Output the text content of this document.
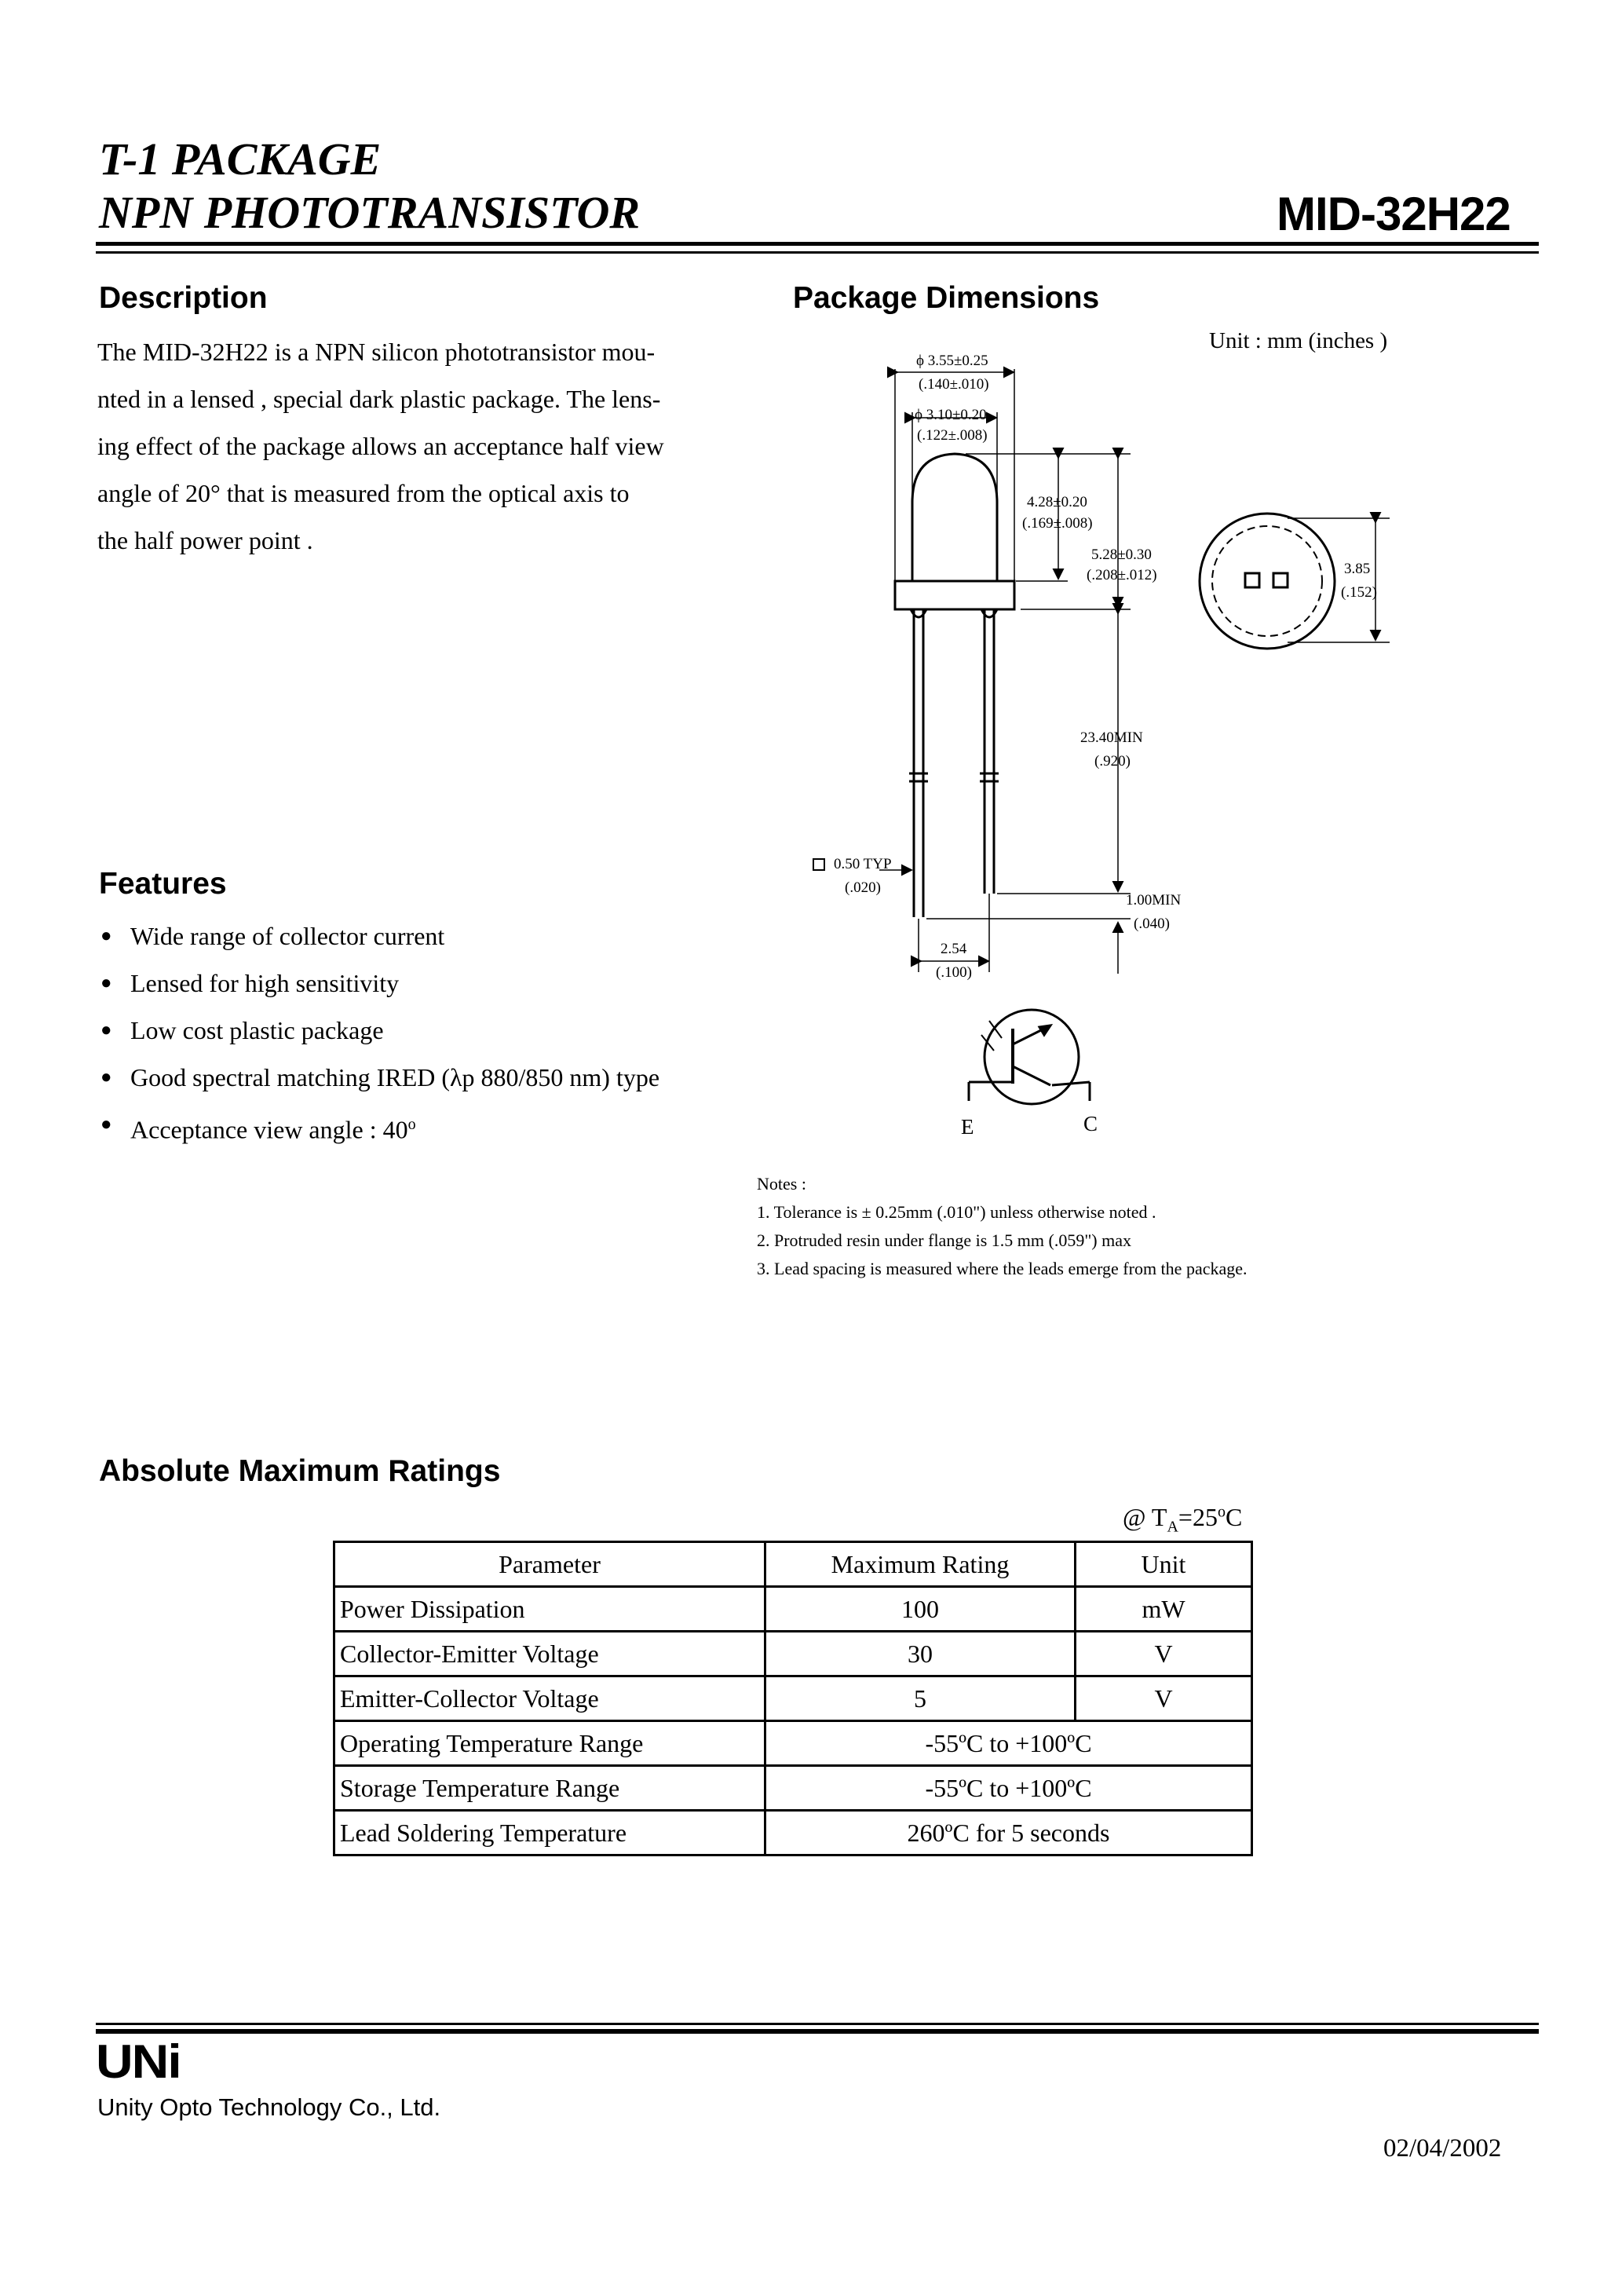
T-1 PACKAGE
NPN PHOTOTRANSISTOR	MID-32H22
Description

The MID-32H22 is a NPN silicon phototransistor mou-

nted in a lensed , special dark plastic package. The lens-

ing effect of the package allows an acceptance half view

angle of 20° that is measured from the optical axis to

the half power point .

Features
● Wide range of collector current
● Lensed for high sensitivity
● Low cost plastic package
● Good spectral matching IRED (λp 880/850 nm) type
● Acceptance view angle : 40$^o$
Package Dimensions
Unit : mm (inches )
ϕ 3.55±0.25
(.140±.010)
ϕ 3.10±0.20
(.122±.008)
4.28±0.20
(.169±.008)
5.28±0.30
(.208±.012)	3.85
(.152)
23.40MIN
(.920)
0.50 TYP
(.020)
1.00MIN
(.040)
2.54
(.100)
E	C
Notes :
1. Tolerance is ± 0.25mm (.010") unless otherwise noted .
2. Protruded resin under flange is 1.5 mm (.059") max
3. Lead spacing is measured where the leads emerge from the package.
Absolute Maximum Ratings
@ $T_A=25^oC$
Parameter	Maximum Rating	Unit
Power Dissipation	100	mW
Collector-Emitter Voltage	30	V
Emitter-Collector Voltage	5	V
Operating Temperature Range	-55ºC to +100ºC	
Storage Temperature Range	-55ºC to +100ºC	
Lead Soldering Temperature	260ºC for 5 seconds	
UNi
Unity Opto Technology Co., Ltd.
02/04/2002
